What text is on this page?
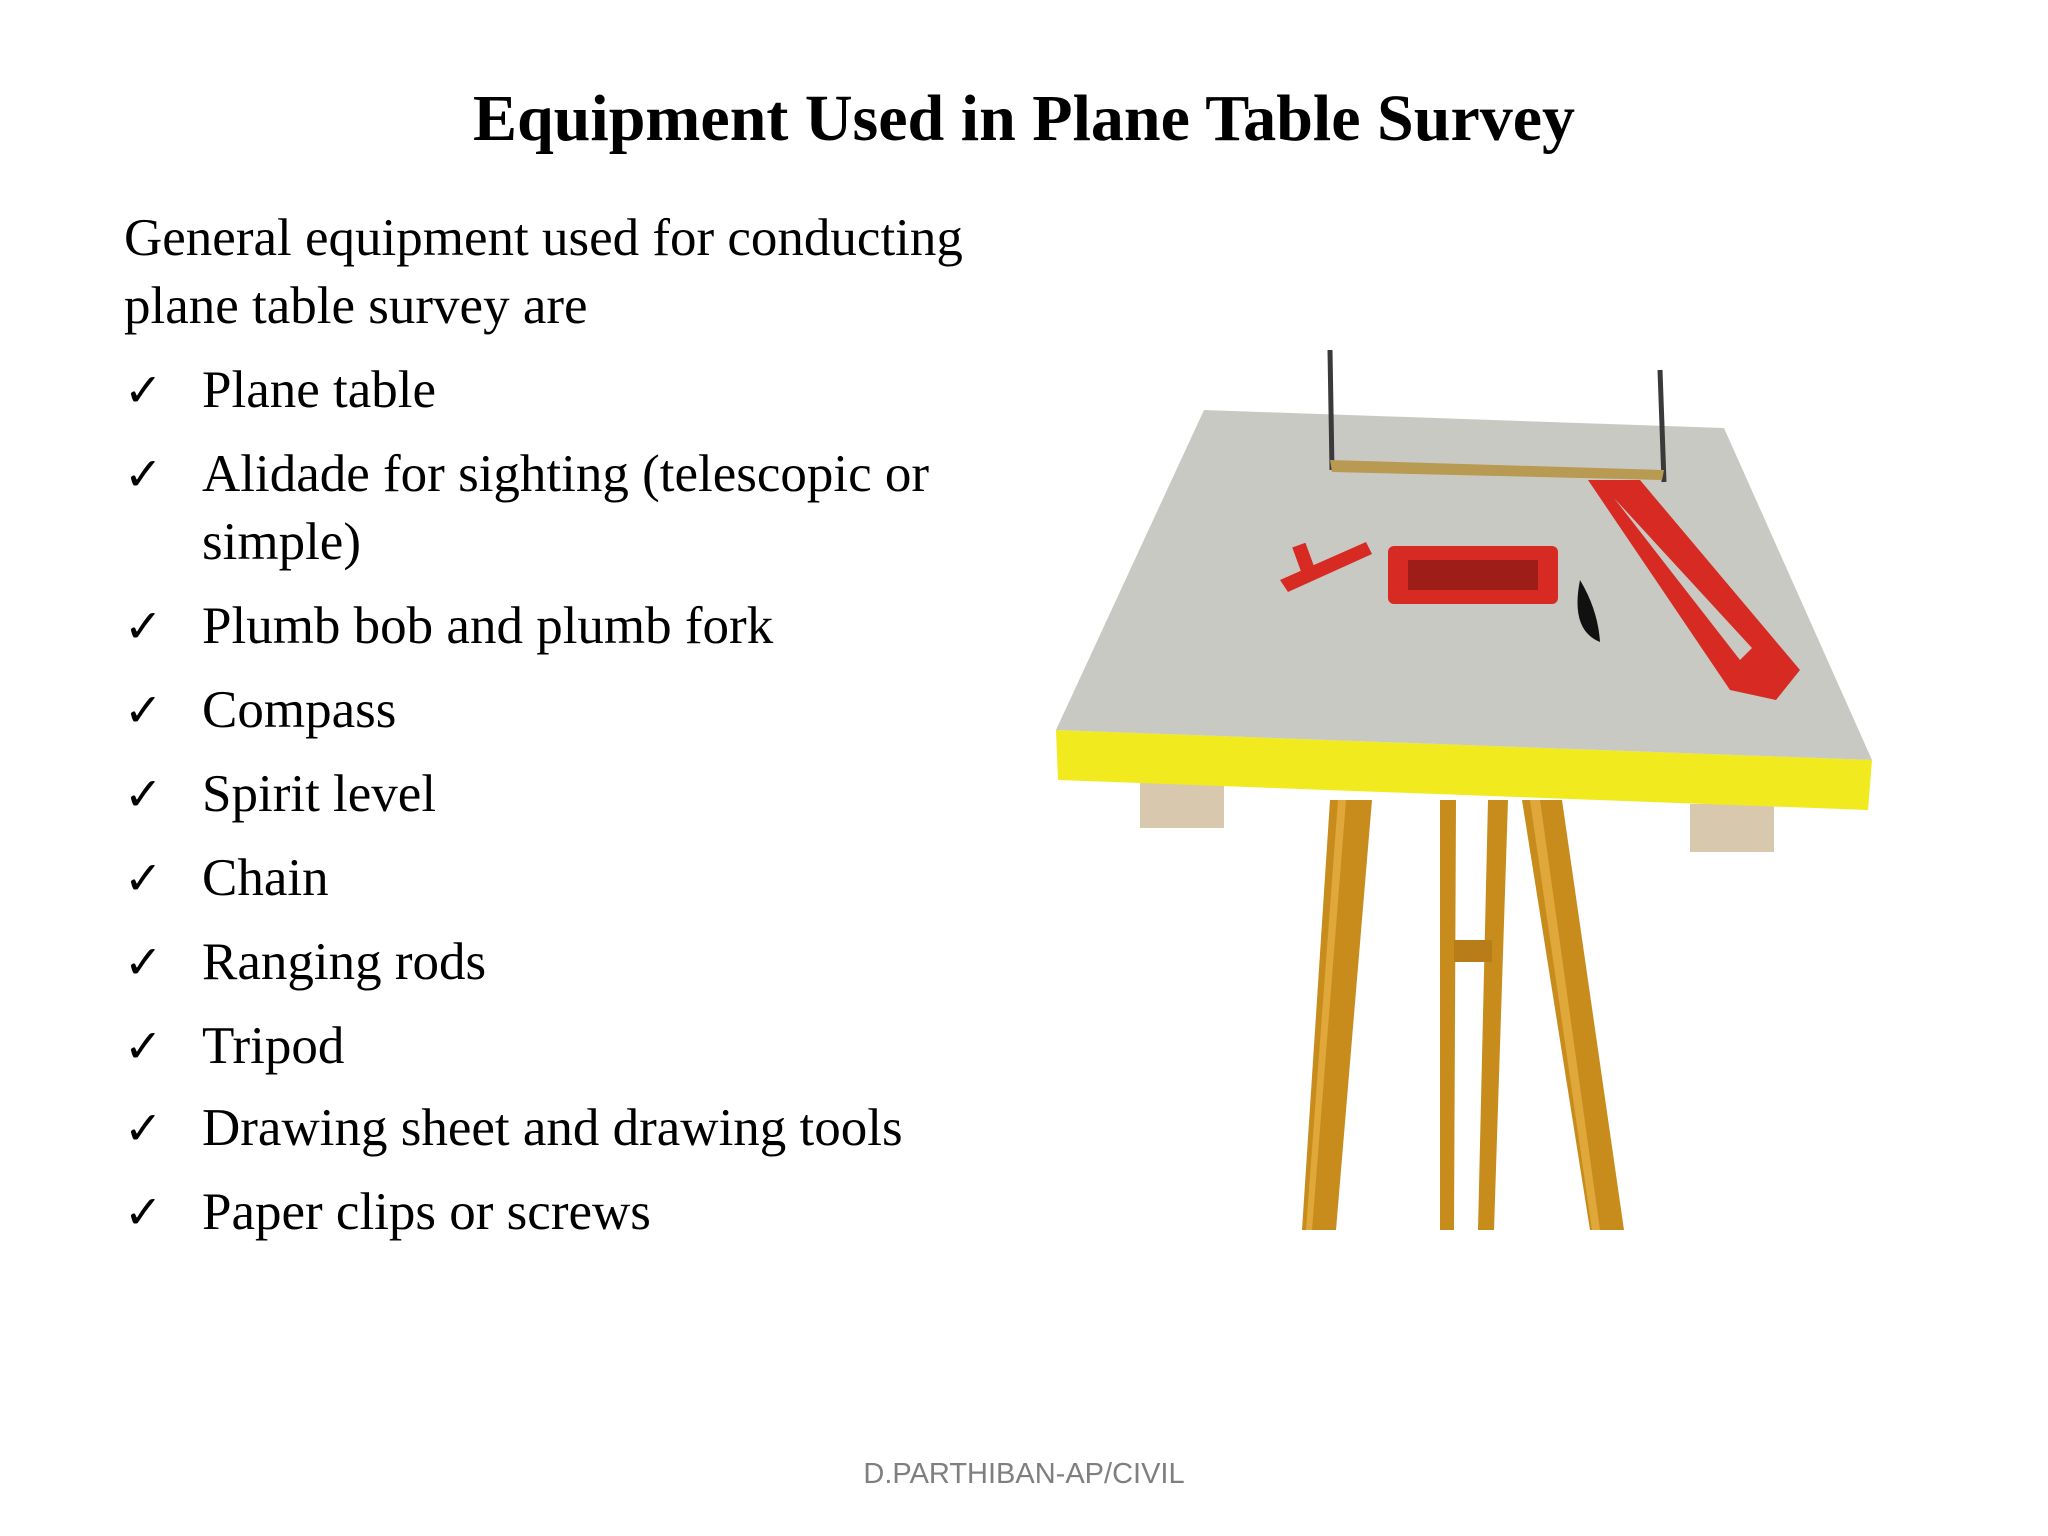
Equipment Used in Plane Table Survey

General equipment used for conducting plane table survey are

✓ Plane table
✓ Alidade for sighting (telescopic or simple)
✓ Plumb bob and plumb fork
✓ Compass
✓ Spirit level
✓ Chain
✓ Ranging rods
✓ Tripod
✓ Drawing sheet and drawing tools
✓ Paper clips or screws
D.PARTHIBAN-AP/CIVIL
